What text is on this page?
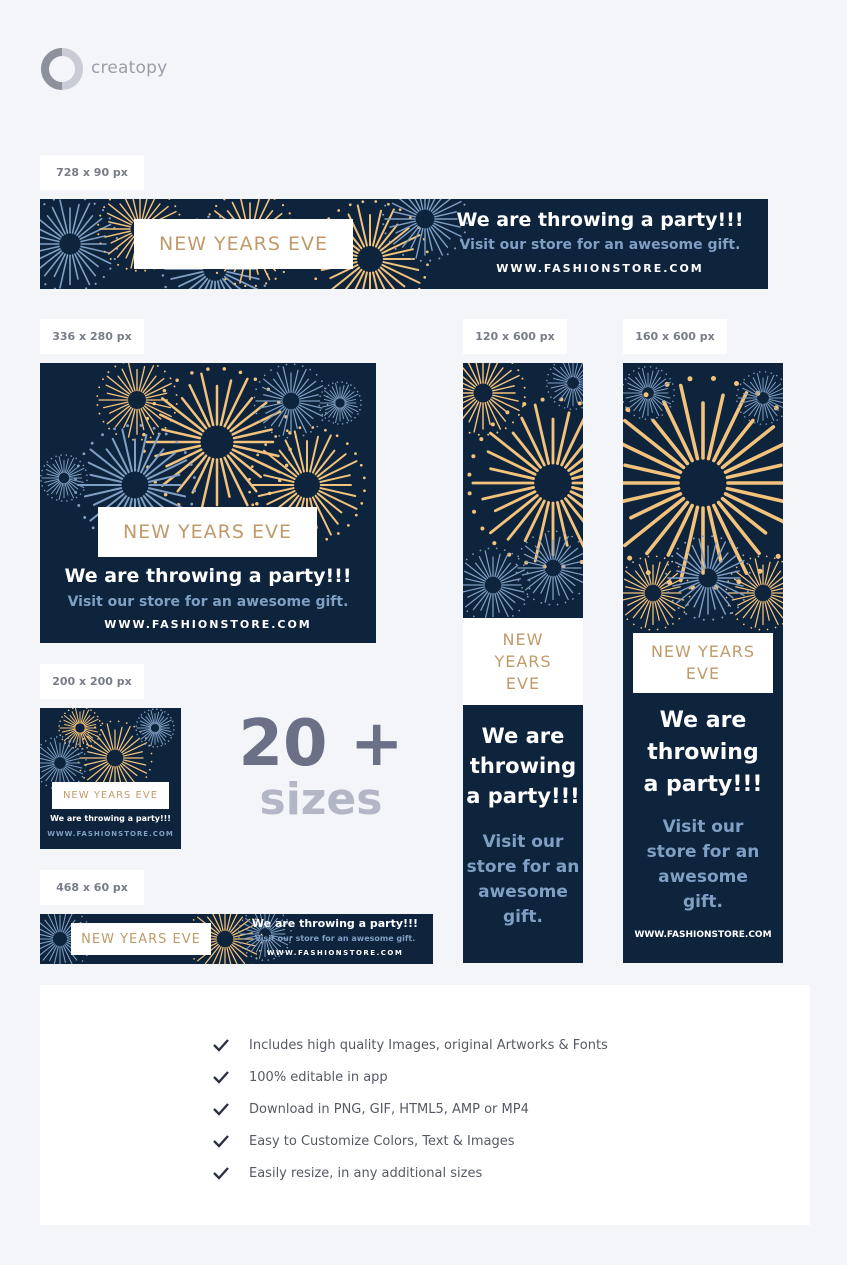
creatopy
728 x 90 px
NEW YEARS EVE
We are throwing a party!!!
Visit our store for an awesome gift.
WWW.FASHIONSTORE.COM
336 x 280 px
NEW YEARS EVE
We are throwing a party!!!
Visit our store for an awesome gift.
WWW.FASHIONSTORE.COM
120 x 600 px
NEW
YEARS
EVE
We are
throwing
a party!!!
Visit our
store for an
awesome
gift.
160 x 600 px
NEW YEARS
EVE
We are
throwing
a party!!!
Visit our
store for an
awesome
gift.
WWW.FASHIONSTORE.COM
200 x 200 px
NEW YEARS EVE
We are throwing a party!!!
WWW.FASHIONSTORE.COM
20 +
sizes
468 x 60 px
NEW YEARS EVE
We are throwing a party!!!
Visit our store for an awesome gift.
WWW.FASHIONSTORE.COM
Includes high quality Images, original Artworks & Fonts
100% editable in app
Download in PNG, GIF, HTML5, AMP or MP4
Easy to Customize Colors, Text & Images
Easily resize, in any additional sizes
